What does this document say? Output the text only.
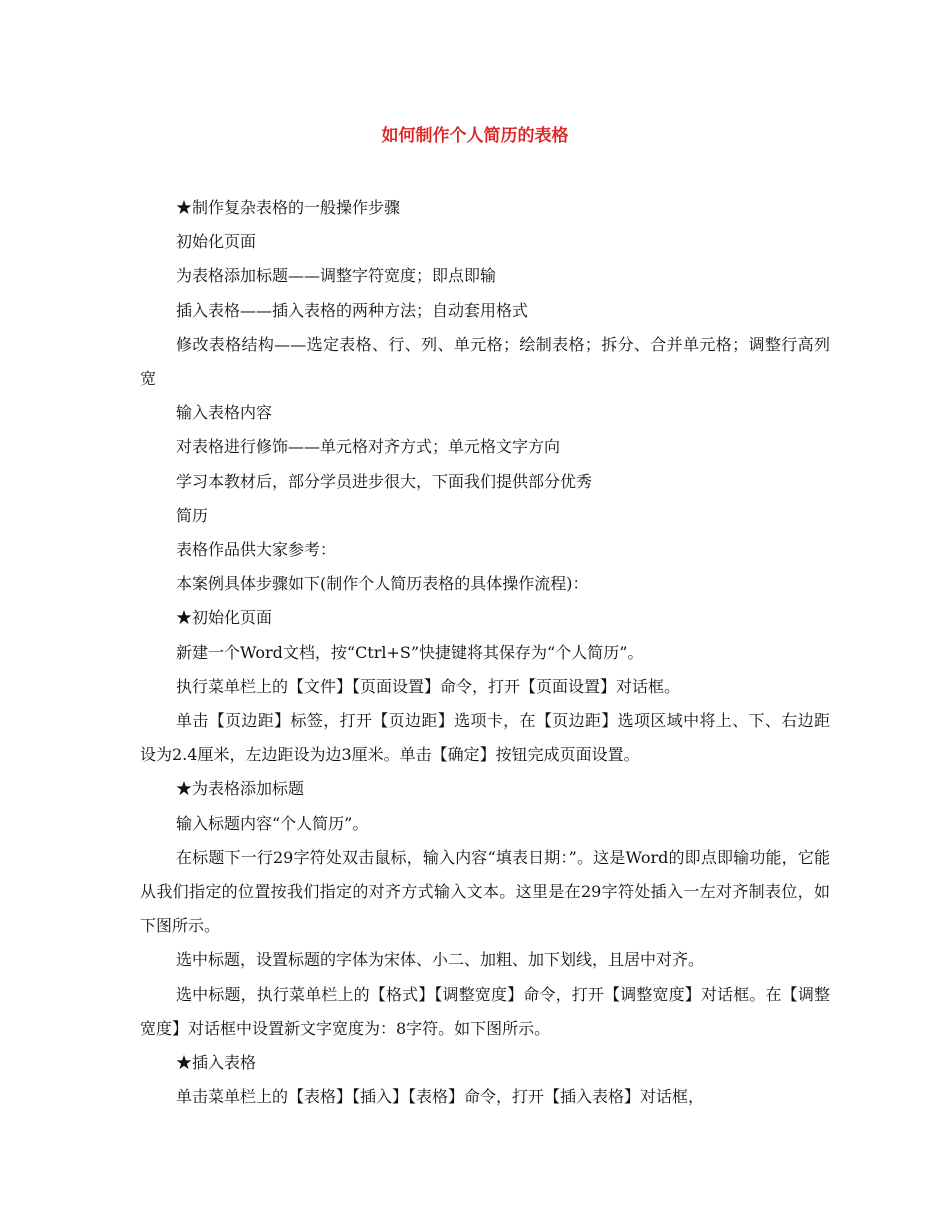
如何制作个人简历的表格

★制作复杂表格的一般操作步骤

初始化页面

为表格添加标题——调整字符宽度；即点即输

插入表格——插入表格的两种方法；自动套用格式

修改表格结构——选定表格、行、列、单元格；绘制表格；拆分、合并单元格；调整行高列宽

输入表格内容

对表格进行修饰——单元格对齐方式；单元格文字方向

学习本教材后，部分学员进步很大，下面我们提供部分优秀

简历

表格作品供大家参考：

本案例具体步骤如下(制作个人简历表格的具体操作流程)：

★初始化页面

新建一个Word文档，按“Ctrl+S”快捷键将其保存为“个人简历”。

执行菜单栏上的【文件】【页面设置】命令，打开【页面设置】对话框。

单击【页边距】标签，打开【页边距】选项卡，在【页边距】选项区域中将上、下、右边距设为2.4厘米，左边距设为边3厘米。单击【确定】按钮完成页面设置。

★为表格添加标题

输入标题内容“个人简历”。

在标题下一行29字符处双击鼠标，输入内容“填表日期：”。这是Word的即点即输功能，它能从我们指定的位置按我们指定的对齐方式输入文本。这里是在29字符处插入一左对齐制表位，如下图所示。

选中标题，设置标题的字体为宋体、小二、加粗、加下划线，且居中对齐。

选中标题，执行菜单栏上的【格式】【调整宽度】命令，打开【调整宽度】对话框。在【调整宽度】对话框中设置新文字宽度为：8字符。如下图所示。

★插入表格

单击菜单栏上的【表格】【插入】【表格】命令，打开【插入表格】对话框，
